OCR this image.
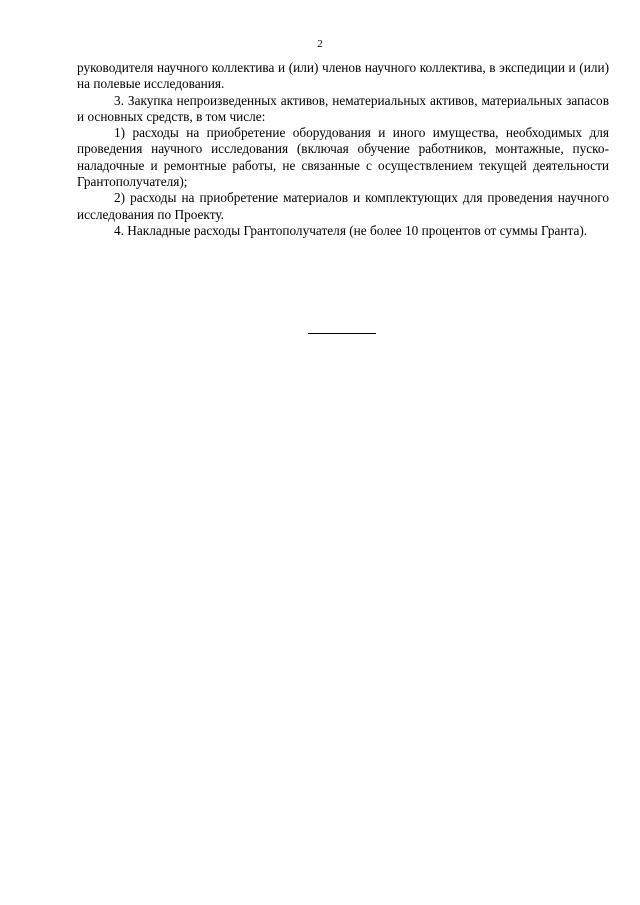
2

руководителя научного коллектива и (или) членов научного коллектива, в экспедиции и (или) на полевые исследования.

3. Закупка непроизведенных активов, нематериальных активов, материальных запасов и основных средств, в том числе:

1) расходы на приобретение оборудования и иного имущества, необходимых для проведения научного исследования (включая обучение работников, монтажные, пуско-наладочные и ремонтные работы, не связанные с осуществлением текущей деятельности Грантополучателя);

2) расходы на приобретение материалов и комплектующих для проведения научного исследования по Проекту.

4. Накладные расходы Грантополучателя (не более 10 процентов от суммы Гранта).
